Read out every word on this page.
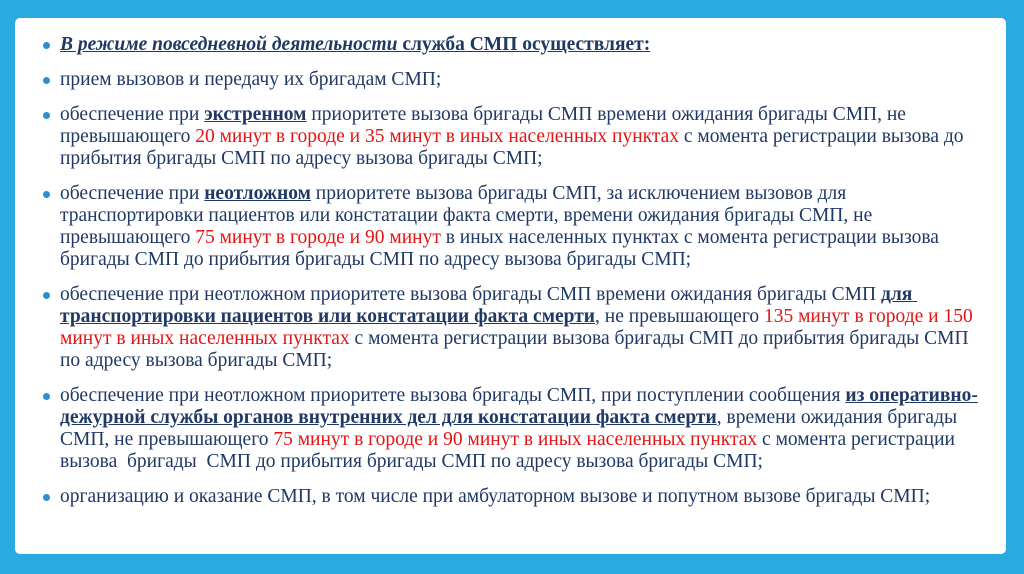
В режиме повседневной деятельности служба СМП осуществляет:
прием вызовов и передачу их бригадам СМП;
обеспечение при экстренном приоритете вызова бригады СМП времени ожидания бригады СМП, не превышающего 20 минут в городе и 35 минут в иных населенных пунктах с момента регистрации вызова до прибытия бригады СМП по адресу вызова бригады СМП;
обеспечение при неотложном приоритете вызова бригады СМП, за исключением вызовов для транспортировки пациентов или констатации факта смерти, времени ожидания бригады СМП, не превышающего 75 минут в городе и 90 минут в иных населенных пунктах с момента регистрации вызова бригады СМП до прибытия бригады СМП по адресу вызова бригады СМП;
обеспечение при неотложном приоритете вызова бригады СМП времени ожидания бригады СМП для транспортировки пациентов или констатации факта смерти, не превышающего 135 минут в городе и 150 минут в иных населенных пунктах с момента регистрации вызова бригады СМП до прибытия бригады СМП по адресу вызова бригады СМП;
обеспечение при неотложном приоритете вызова бригады СМП, при поступлении сообщения из оперативно-дежурной службы органов внутренних дел для констатации факта смерти, времени ожидания бригады СМП, не превышающего 75 минут в городе и 90 минут в иных населенных пунктах с момента регистрации вызова  бригады  СМП до прибытия бригады СМП по адресу вызова бригады СМП;
организацию и оказание СМП, в том числе при амбулаторном вызове и попутном вызове бригады СМП;
